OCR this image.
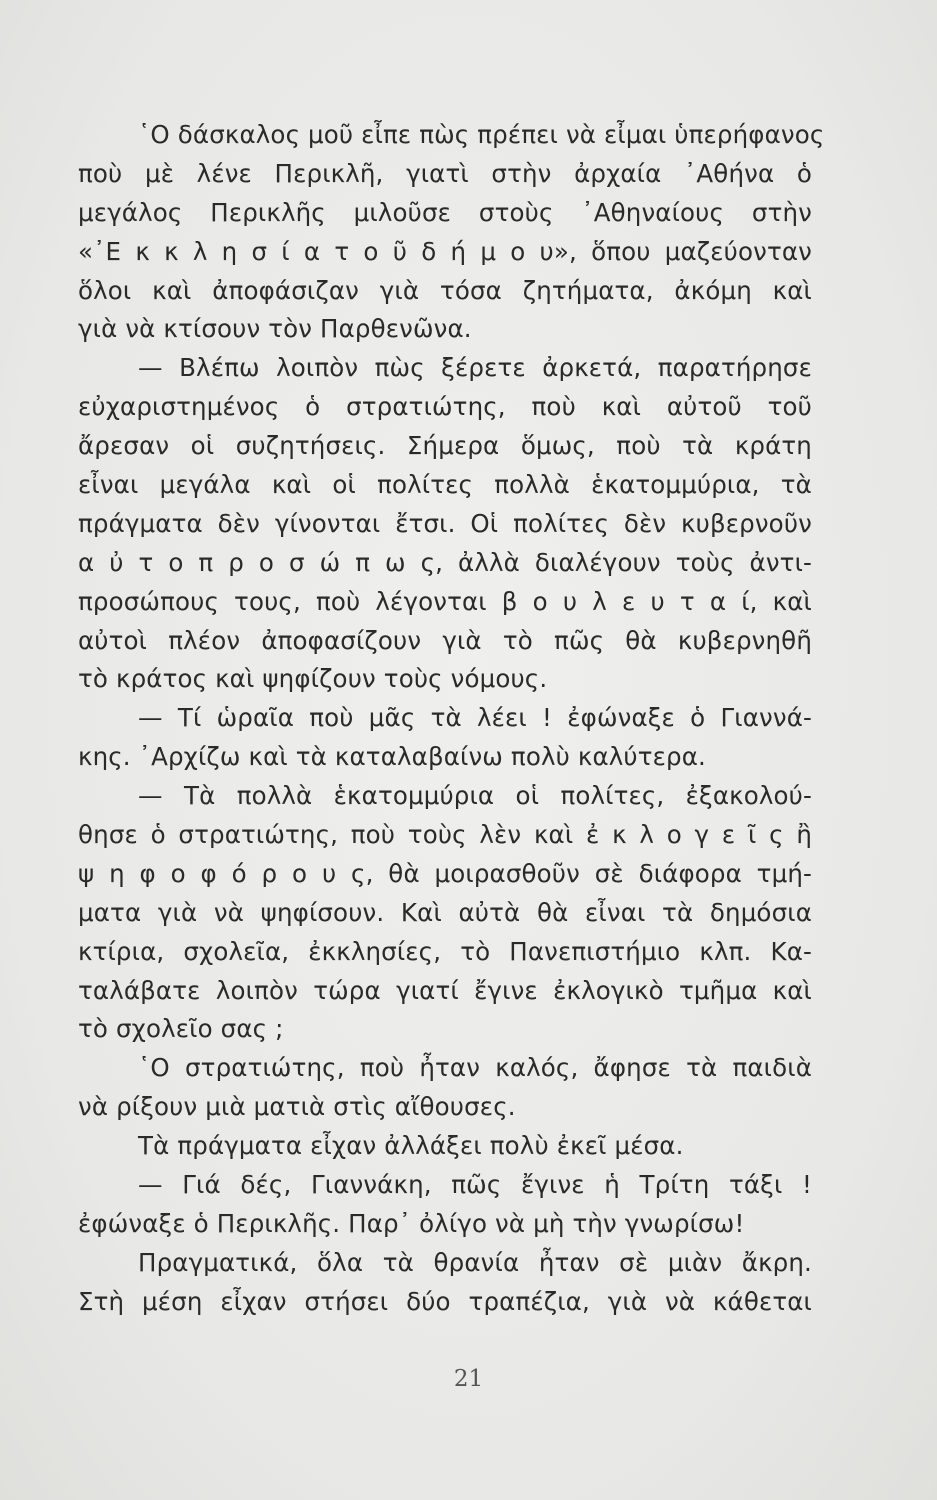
῾Ο δάσκαλος μοῦ εἶπε πὼς πρέπει νὰ εἶμαι ὑπερήφανος
ποὺ μὲ λένε Περικλῆ, γιατὶ στὴν ἀρχαία ᾿Αθήνα ὁ
μεγάλος Περικλῆς μιλοῦσε στοὺς ᾿Αθηναίους στὴν
«᾿Ε κ κ λ η σ ί α τ ο ῦ δ ή μ ο υ», ὅπου μαζεύονταν
ὅλοι καὶ ἀποφάσιζαν γιὰ τόσα ζητήματα, ἀκόμη καὶ
γιὰ νὰ κτίσουν τὸν Παρθενῶνα.
— Βλέπω λοιπὸν πὼς ξέρετε ἀρκετά, παρατήρησε
εὐχαριστημένος ὁ στρατιώτης, ποὺ καὶ αὐτοῦ τοῦ
ἄρεσαν οἱ συζητήσεις. Σήμερα ὅμως, ποὺ τὰ κράτη
εἶναι μεγάλα καὶ οἱ πολίτες πολλὰ ἑκατομμύρια, τὰ
πράγματα δὲν γίνονται ἔτσι. Οἱ πολίτες δὲν κυβερνοῦν
α ὐ τ ο π ρ ο σ ώ π ω ς, ἀλλὰ διαλέγουν τοὺς ἀντι-
προσώπους τους, ποὺ λέγονται β ο υ λ ε υ τ α ί, καὶ
αὐτοὶ πλέον ἀποφασίζουν γιὰ τὸ πῶς θὰ κυβερνηθῆ
τὸ κράτος καὶ ψηφίζουν τοὺς νόμους.
— Τί ὡραῖα ποὺ μᾶς τὰ λέει ! ἐφώναξε ὁ Γιαννά-
κης. ᾿Αρχίζω καὶ τὰ καταλαβαίνω πολὺ καλύτερα.
— Τὰ πολλὰ ἑκατομμύρια οἱ πολίτες, ἐξακολού-
θησε ὁ στρατιώτης, ποὺ τοὺς λὲν καὶ ἐ κ λ ο γ ε ῖ ς ἢ
ψ η φ ο φ ό ρ ο υ ς, θὰ μοιρασθοῦν σὲ διάφορα τμή-
ματα γιὰ νὰ ψηφίσουν. Καὶ αὐτὰ θὰ εἶναι τὰ δημόσια
κτίρια, σχολεῖα, ἐκκλησίες, τὸ Πανεπιστήμιο κλπ. Κα-
ταλάβατε λοιπὸν τώρα γιατί ἔγινε ἐκλογικὸ τμῆμα καὶ
τὸ σχολεῖο σας ;
῾Ο στρατιώτης, ποὺ ἦταν καλός, ἄφησε τὰ παιδιὰ
νὰ ρίξουν μιὰ ματιὰ στὶς αἴθουσες.
Τὰ πράγματα εἶχαν ἀλλάξει πολὺ ἐκεῖ μέσα.
— Γιά δές, Γιαννάκη, πῶς ἔγινε ἡ Τρίτη τάξι !
ἐφώναξε ὁ Περικλῆς. Παρ᾿ ὀλίγο νὰ μὴ τὴν γνωρίσω!
Πραγματικά, ὅλα τὰ θρανία ἦταν σὲ μιὰν ἄκρη.
Στὴ μέση εἶχαν στήσει δύο τραπέζια, γιὰ νὰ κάθεται
21
